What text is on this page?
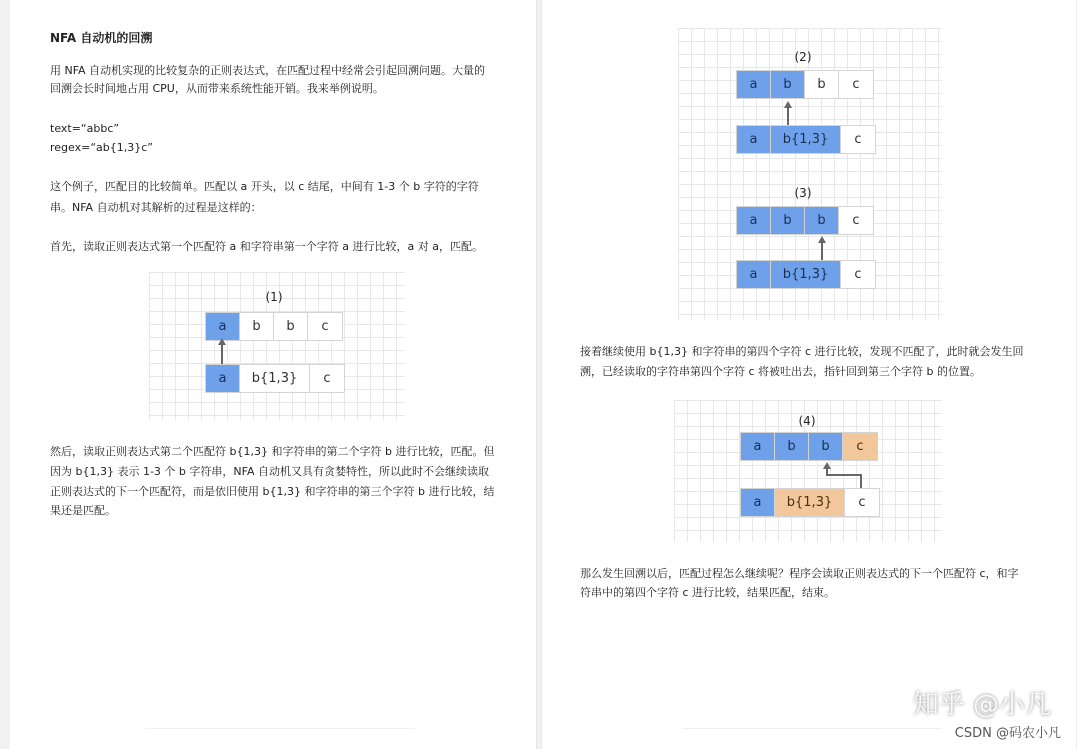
NFA 自动机的回溯
用 NFA 自动机实现的比较复杂的正则表达式，在匹配过程中经常会引起回溯问题。大量的
回溯会长时间地占用 CPU，从而带来系统性能开销。我来举例说明。
text=“abbc”
regex=“ab{1,3}c”
这个例子，匹配目的比较简单。匹配以 a 开头，以 c 结尾，中间有 1-3 个 b 字符的字符
串。NFA 自动机对其解析的过程是这样的：
首先，读取正则表达式第一个匹配符 a 和字符串第一个字符 a 进行比较，a 对 a，匹配。
(1)
a	b	b	c
a	b{1,3}	c
然后，读取正则表达式第二个匹配符 b{1,3} 和字符串的第二个字符 b 进行比较，匹配。但
因为 b{1,3} 表示 1-3 个 b 字符串，NFA 自动机又具有贪婪特性，所以此时不会继续读取
正则表达式的下一个匹配符，而是依旧使用 b{1,3} 和字符串的第三个字符 b 进行比较，结
果还是匹配。
(2)
a	b	b	c
a	b{1,3}	c
(3)
a	b	b	c
a	b{1,3}	c
接着继续使用 b{1,3} 和字符串的第四个字符 c 进行比较，发现不匹配了，此时就会发生回
溯，已经读取的字符串第四个字符 c 将被吐出去，指针回到第三个字符 b 的位置。
(4)
a	b	b	c
a	b{1,3}	c
那么发生回溯以后，匹配过程怎么继续呢？程序会读取正则表达式的下一个匹配符 c，和字
符串中的第四个字符 c 进行比较，结果匹配，结束。
知乎 @小凡
CSDN @码农小凡
